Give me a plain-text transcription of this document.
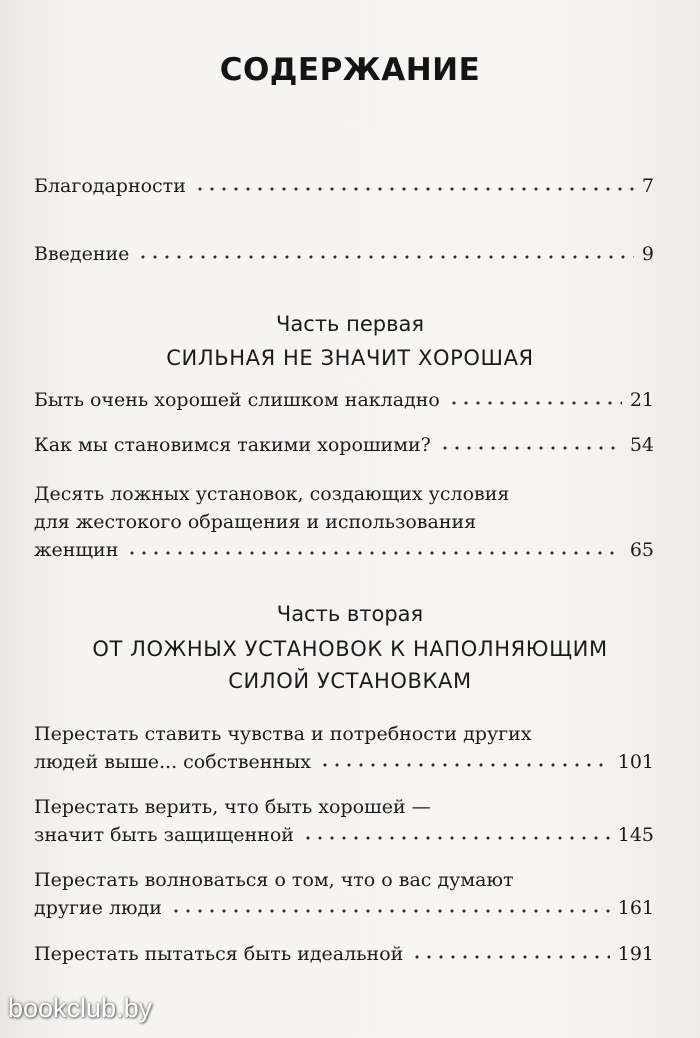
СОДЕРЖАНИЕ
Благодарности	7
Введение	9
Часть первая
СИЛЬНАЯ НЕ ЗНАЧИТ ХОРОШАЯ
Быть очень хорошей слишком накладно	21
Как мы становимся такими хорошими?	54
Десять ложных установок, создающих условия
для жестокого обращения и использования
женщин	65
Часть вторая
ОТ ЛОЖНЫХ УСТАНОВОК К НАПОЛНЯЮЩИМ
СИЛОЙ УСТАНОВКАМ
Перестать ставить чувства и потребности других
людей выше... собственных	101
Перестать верить, что быть хорошей —
значит быть защищенной	145
Перестать волноваться о том, что о вас думают
другие люди	161
Перестать пытаться быть идеальной	191
bookclub.by
